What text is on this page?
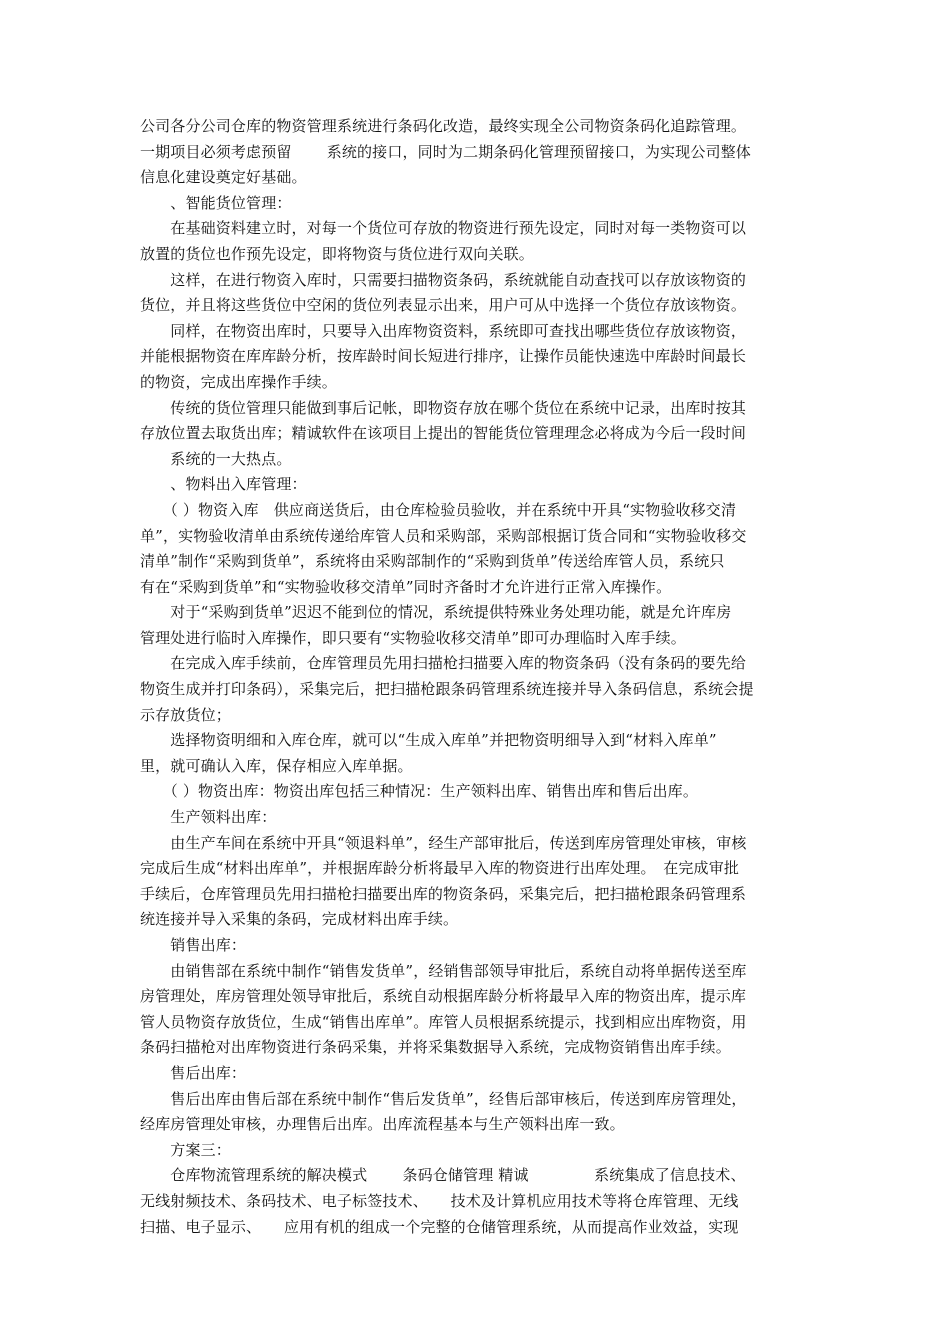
公司各分公司仓库的物资管理系统进行条码化改造，最终实现全公司物资条码化追踪管理。
一期项目必须考虑预留　　 系统的接口，同时为二期条码化管理预留接口，为实现公司整体
信息化建设奠定好基础。
　　、智能货位管理：
　　在基础资料建立时，对每一个货位可存放的物资进行预先设定，同时对每一类物资可以
放置的货位也作预先设定，即将物资与货位进行双向关联。
　　这样，在进行物资入库时，只需要扫描物资条码，系统就能自动查找可以存放该物资的
货位，并且将这些货位中空闲的货位列表显示出来，用户可从中选择一个货位存放该物资。
　　同样，在物资出库时，只要导入出库物资资料，系统即可查找出哪些货位存放该物资，
并能根据物资在库库龄分析，按库龄时间长短进行排序，让操作员能快速选中库龄时间最长
的物资，完成出库操作手续。
　　传统的货位管理只能做到事后记帐，即物资存放在哪个货位在系统中记录，出库时按其
存放位置去取货出库；精诚软件在该项目上提出的智能货位管理理念必将成为今后一段时间
　　系统的一大热点。
　　、物料出入库管理：
　　（ ）物资入库　供应商送货后，由仓库检验员验收，并在系统中开具“实物验收移交清
单”，实物验收清单由系统传递给库管人员和采购部，采购部根据订货合同和“实物验收移交
清单”制作“采购到货单”，系统将由采购部制作的“采购到货单”传送给库管人员，系统只
有在“采购到货单”和“实物验收移交清单”同时齐备时才允许进行正常入库操作。
　　对于“采购到货单”迟迟不能到位的情况，系统提供特殊业务处理功能，就是允许库房
管理处进行临时入库操作，即只要有“实物验收移交清单”即可办理临时入库手续。
　　在完成入库手续前，仓库管理员先用扫描枪扫描要入库的物资条码（没有条码的要先给
物资生成并打印条码），采集完后，把扫描枪跟条码管理系统连接并导入条码信息，系统会提
示存放货位；
　　选择物资明细和入库仓库，就可以“生成入库单”并把物资明细导入到“材料入库单”
里，就可确认入库，保存相应入库单据。
　　（ ）物资出库：物资出库包括三种情况：生产领料出库、销售出库和售后出库。
　　生产领料出库：
　　由生产车间在系统中开具“领退料单”，经生产部审批后，传送到库房管理处审核，审核
完成后生成“材料出库单”，并根据库龄分析将最早入库的物资进行出库处理。　在完成审批
手续后，仓库管理员先用扫描枪扫描要出库的物资条码，采集完后，把扫描枪跟条码管理系
统连接并导入采集的条码，完成材料出库手续。
　　销售出库：
　　由销售部在系统中制作“销售发货单”，经销售部领导审批后，系统自动将单据传送至库
房管理处，库房管理处领导审批后，系统自动根据库龄分析将最早入库的物资出库，提示库
管人员物资存放货位，生成“销售出库单”。库管人员根据系统提示，找到相应出库物资，用
条码扫描枪对出库物资进行条码采集，并将采集数据导入系统，完成物资销售出库手续。
　　售后出库：
　　售后出库由售后部在系统中制作“售后发货单”，经售后部审核后，传送到库房管理处，
经库房管理处审核，办理售后出库。出库流程基本与生产领料出库一致。
　　方案三：
　　仓库物流管理系统的解决模式　　 条码仓储管理 精诚　　　　 系统集成了信息技术、
无线射频技术、条码技术、电子标签技术、　　技术及计算机应用技术等将仓库管理、无线
扫描、电子显示、　　应用有机的组成一个完整的仓储管理系统，从而提高作业效益，实现
